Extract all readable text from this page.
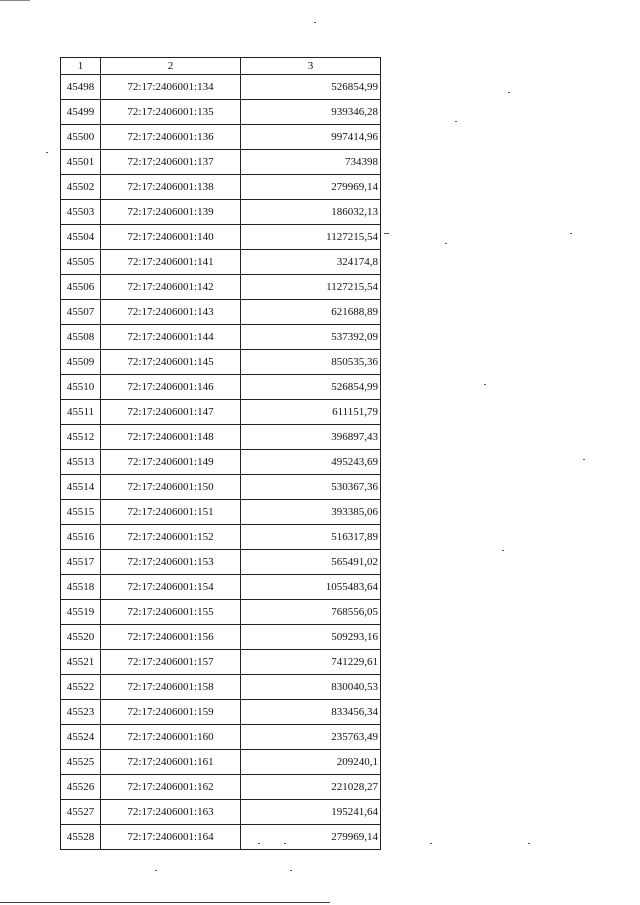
1	2	3
45498	72:17:2406001:134	526854,99
45499	72:17:2406001:135	939346,28
45500	72:17:2406001:136	997414,96
45501	72:17:2406001:137	734398
45502	72:17:2406001:138	279969,14
45503	72:17:2406001:139	186032,13
45504	72:17:2406001:140	1127215,54
45505	72:17:2406001:141	324174,8
45506	72:17:2406001:142	1127215,54
45507	72:17:2406001:143	621688,89
45508	72:17:2406001:144	537392,09
45509	72:17:2406001:145	850535,36
45510	72:17:2406001:146	526854,99
45511	72:17:2406001:147	611151,79
45512	72:17:2406001:148	396897,43
45513	72:17:2406001:149	495243,69
45514	72:17:2406001:150	530367,36
45515	72:17:2406001:151	393385,06
45516	72:17:2406001:152	516317,89
45517	72:17:2406001:153	565491,02
45518	72:17:2406001:154	1055483,64
45519	72:17:2406001:155	768556,05
45520	72:17:2406001:156	509293,16
45521	72:17:2406001:157	741229,61
45522	72:17:2406001:158	830040,53
45523	72:17:2406001:159	833456,34
45524	72:17:2406001:160	235763,49
45525	72:17:2406001:161	209240,1
45526	72:17:2406001:162	221028,27
45527	72:17:2406001:163	195241,64
45528	72:17:2406001:164	279969,14
